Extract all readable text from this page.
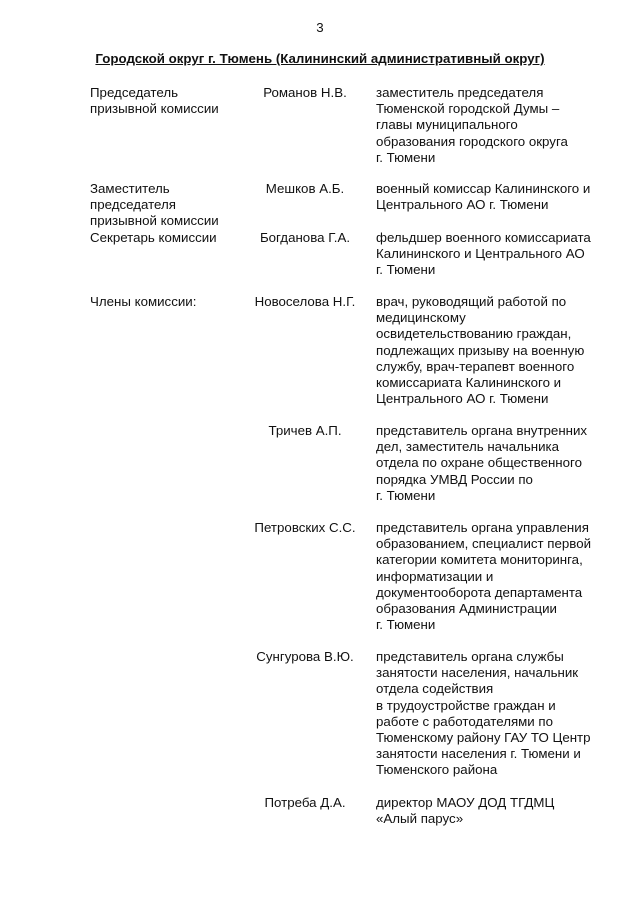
3
Городской округ г. Тюмень (Калининский административный округ)
Председатель
призывной комиссии
Романов Н.В.	заместитель председателя
Тюменской городской Думы –
главы муниципального
образования городского округа
г. Тюмени
Заместитель
председателя
призывной комиссии
Мешков А.Б.	военный комиссар Калининского и
Центрального АО г. Тюмени
Секретарь комиссии	Богданова Г.А.	фельдшер военного комиссариата
Калининского и Центрального АО
г. Тюмени
Члены комиссии:	Новоселова Н.Г.	врач, руководящий работой по
медицинскому
освидетельствованию граждан,
подлежащих призыву на военную
службу, врач-терапевт военного
комиссариата Калининского и
Центрального АО г. Тюмени
Тричев А.П.	представитель органа внутренних
дел, заместитель начальника
отдела по охране общественного
порядка УМВД России по
г. Тюмени
Петровских С.С.	представитель органа управления
образованием, специалист первой
категории комитета мониторинга,
информатизации и
документооборота департамента
образования Администрации
г. Тюмени
Сунгурова В.Ю.	представитель органа службы
занятости населения, начальник
отдела содействия
в трудоустройстве граждан и
работе с работодателями по
Тюменскому району ГАУ ТО Центр
занятости населения г. Тюмени и
Тюменского района
Потреба Д.А.	директор МАОУ ДОД ТГДМЦ
«Алый парус»
